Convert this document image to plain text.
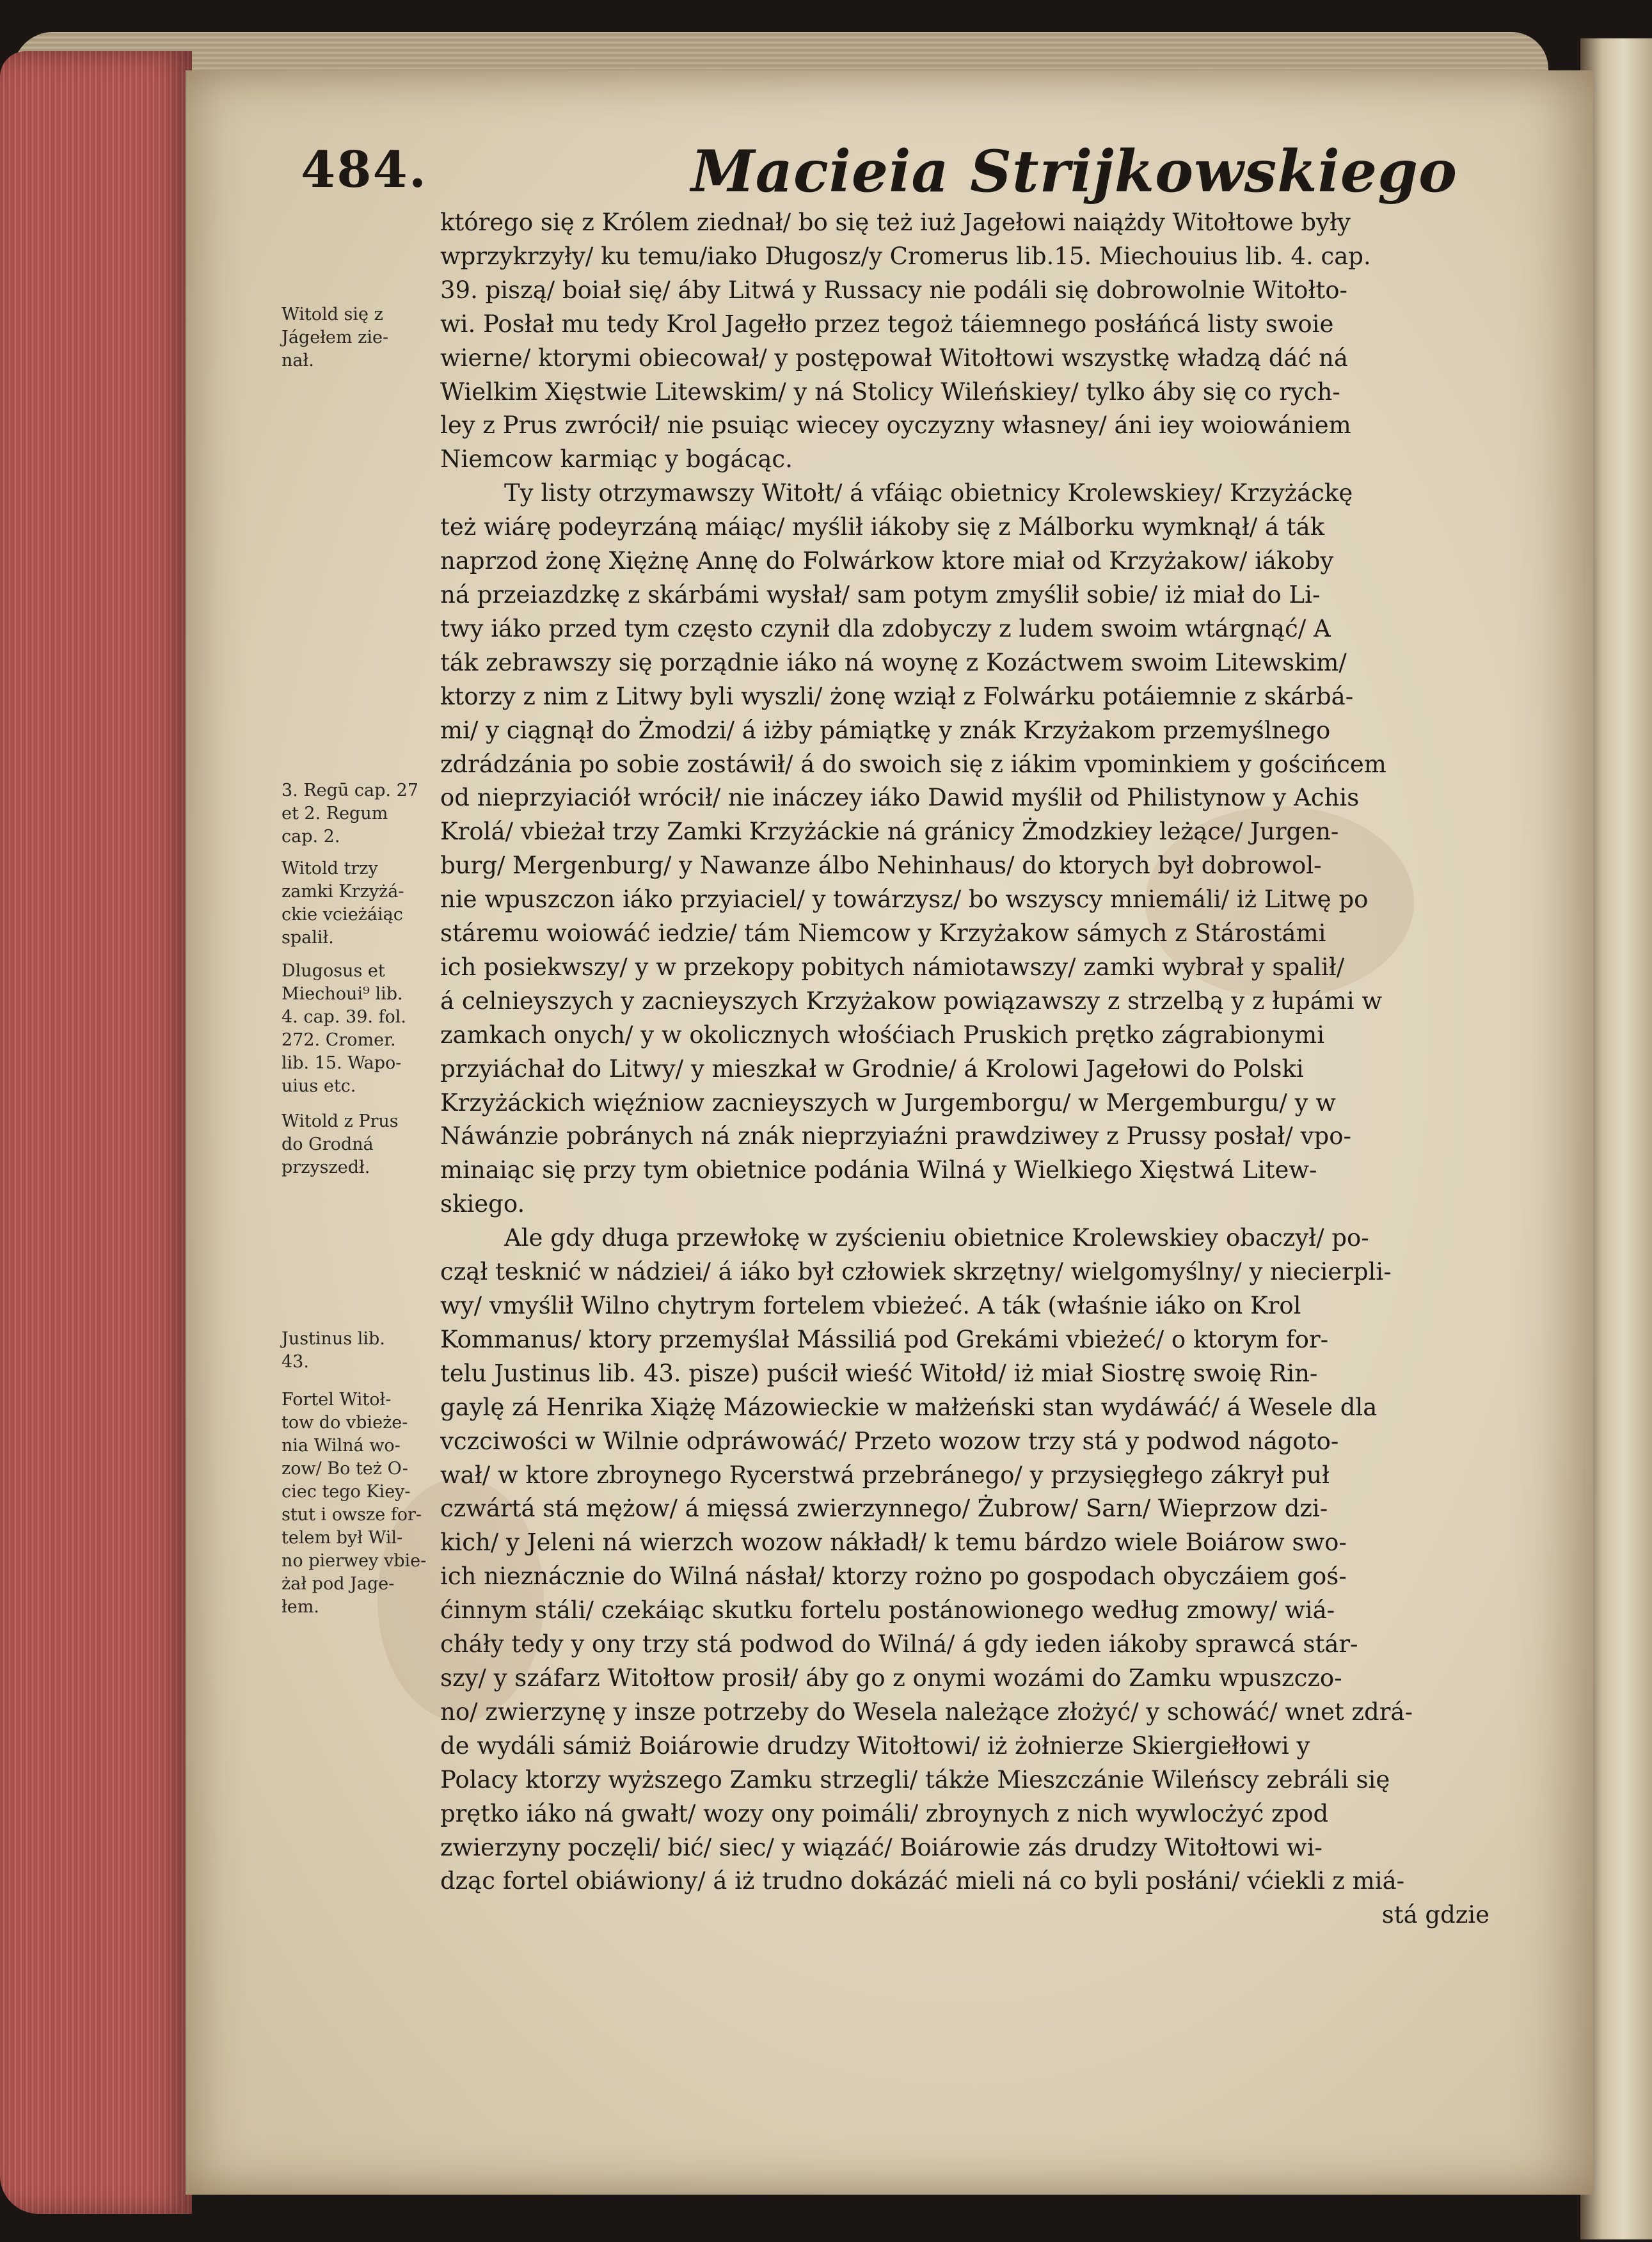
484.	Macieia Strijkowskiego
którego się z Królem ziednał/ bo się też iuż Jagełowi naiążdy Witołtowe były
wprzykrzyły/ ku temu/iako Długosz/y Cromerus lib.15. Miechouius lib. 4. cap.
39. piszą/ boiał się/ áby Litwá y Russacy nie podáli się dobrowolnie Witołto-
wi. Posłał mu tedy Krol Jagełło przez tegoż táiemnego posłáńcá listy swoie
wierne/ ktorymi obiecował/ y postępował Witołtowi wszystkę władzą dáć ná
Wielkim Xięstwie Litewskim/ y ná Stolicy Wileńskiey/ tylko áby się co rych-
ley z Prus zwrócił/ nie psuiąc wiecey oyczyzny własney/ áni iey woiowániem
Niemcow karmiąc y bogácąc.
Ty listy otrzymawszy Witołt/ á vfáiąc obietnicy Krolewskiey/ Krzyżáckę
też wiárę podeyrzáną máiąc/ myślił iákoby się z Málborku wymknął/ á ták
naprzod żonę Xiężnę Annę do Folwárkow ktore miał od Krzyżakow/ iákoby
ná przeiazdzkę z skárbámi wysłał/ sam potym zmyślił sobie/ iż miał do Li-
twy iáko przed tym często czynił dla zdobyczy z ludem swoim wtárgnąć/ A
ták zebrawszy się porządnie iáko ná woynę z Kozáctwem swoim Litewskim/
ktorzy z nim z Litwy byli wyszli/ żonę wziął z Folwárku potáiemnie z skárbá-
mi/ y ciągnął do Żmodzi/ á iżby pámiątkę y znák Krzyżakom przemyślnego
zdrádzánia po sobie zostáwił/ á do swoich się z iákim vpominkiem y gościńcem
od nieprzyiaciół wrócił/ nie ináczey iáko Dawid myślił od Philistynow y Achis
Krolá/ vbieżał trzy Zamki Krzyżáckie ná gránicy Żmodzkiey leżące/ Jurgen-
burg/ Mergenburg/ y Nawanze álbo Nehinhaus/ do ktorych był dobrowol-
nie wpuszczon iáko przyiaciel/ y towárzysz/ bo wszyscy mniemáli/ iż Litwę po
stáremu woiowáć iedzie/ tám Niemcow y Krzyżakow sámych z Stárostámi
ich posiekwszy/ y w przekopy pobitych námiotawszy/ zamki wybrał y spalił/
á celnieyszych y zacnieyszych Krzyżakow powiązawszy z strzelbą y z łupámi w
zamkach onych/ y w okolicznych włośćiach Pruskich prętko zágrabionymi
przyiáchał do Litwy/ y mieszkał w Grodnie/ á Krolowi Jagełowi do Polski
Krzyżáckich więźniow zacnieyszych w Jurgemborgu/ w Mergemburgu/ y w
Náwánzie pobránych ná znák nieprzyiaźni prawdziwey z Prussy posłał/ vpo-
minaiąc się przy tym obietnice podánia Wilná y Wielkiego Xięstwá Litew-
skiego.
Ale gdy długa przewłokę w zyścieniu obietnice Krolewskiey obaczył/ po-
czął tesknić w nádziei/ á iáko był człowiek skrzętny/ wielgomyślny/ y niecierpli-
wy/ vmyślił Wilno chytrym fortelem vbieżeć. A ták (właśnie iáko on Krol
Kommanus/ ktory przemyślał Mássiliá pod Grekámi vbieżeć/ o ktorym for-
telu Justinus lib. 43. pisze) puścił wieść Witołd/ iż miał Siostrę swoię Rin-
gaylę zá Henrika Xiążę Mázowieckie w małżeński stan wydáwáć/ á Wesele dla
vczciwości w Wilnie odpráwowáć/ Przeto wozow trzy stá y podwod nágoto-
wał/ w ktore zbroynego Rycerstwá przebránego/ y przysięgłego zákrył puł
czwártá stá mężow/ á mięssá zwierzynnego/ Żubrow/ Sarn/ Wieprzow dzi-
kich/ y Jeleni ná wierzch wozow nákładł/ k temu bárdzo wiele Boiárow swo-
ich nieznácznie do Wilná násłał/ ktorzy rożno po gospodach obyczáiem goś-
ćinnym stáli/ czekáiąc skutku fortelu postánowionego według zmowy/ wiá-
cháły tedy y ony trzy stá podwod do Wilná/ á gdy ieden iákoby sprawcá stár-
szy/ y száfarz Witołtow prosił/ áby go z onymi wozámi do Zamku wpuszczo-
no/ zwierzynę y insze potrzeby do Wesela należące złożyć/ y schowáć/ wnet zdrá-
de wydáli sámiż Boiárowie drudzy Witołtowi/ iż żołnierze Skiergiełłowi y
Polacy ktorzy wyższego Zamku strzegli/ tákże Mieszczánie Wileńscy zebráli się
prętko iáko ná gwałt/ wozy ony poimáli/ zbroynych z nich wywlocżyć zpod
zwierzyny poczęli/ bić/ siec/ y wiązáć/ Boiárowie zás drudzy Witołtowi wi-
dząc fortel obiáwiony/ á iż trudno dokázáć mieli ná co byli posłáni/ vćiekli z miá-
stá gdzie
Witold się z
Jágełem zie-
nał.
3. Regū cap. 27
et 2. Regum
cap. 2.
Witold trzy
zamki Krzyżá-
ckie vcieżáiąc
spalił.
Dlugosus et
Miechoui⁹ lib.
4. cap. 39. fol.
272. Cromer.
lib. 15. Wapo-
uius etc.
Witold z Prus
do Grodná
przyszedł.
Justinus lib.
43.
Fortel Witoł-
tow do vbieże-
nia Wilná wo-
zow/ Bo też O-
ciec tego Kiey-
stut i owsze for-
telem był Wil-
no pierwey vbie-
żał pod Jage-
łem.
